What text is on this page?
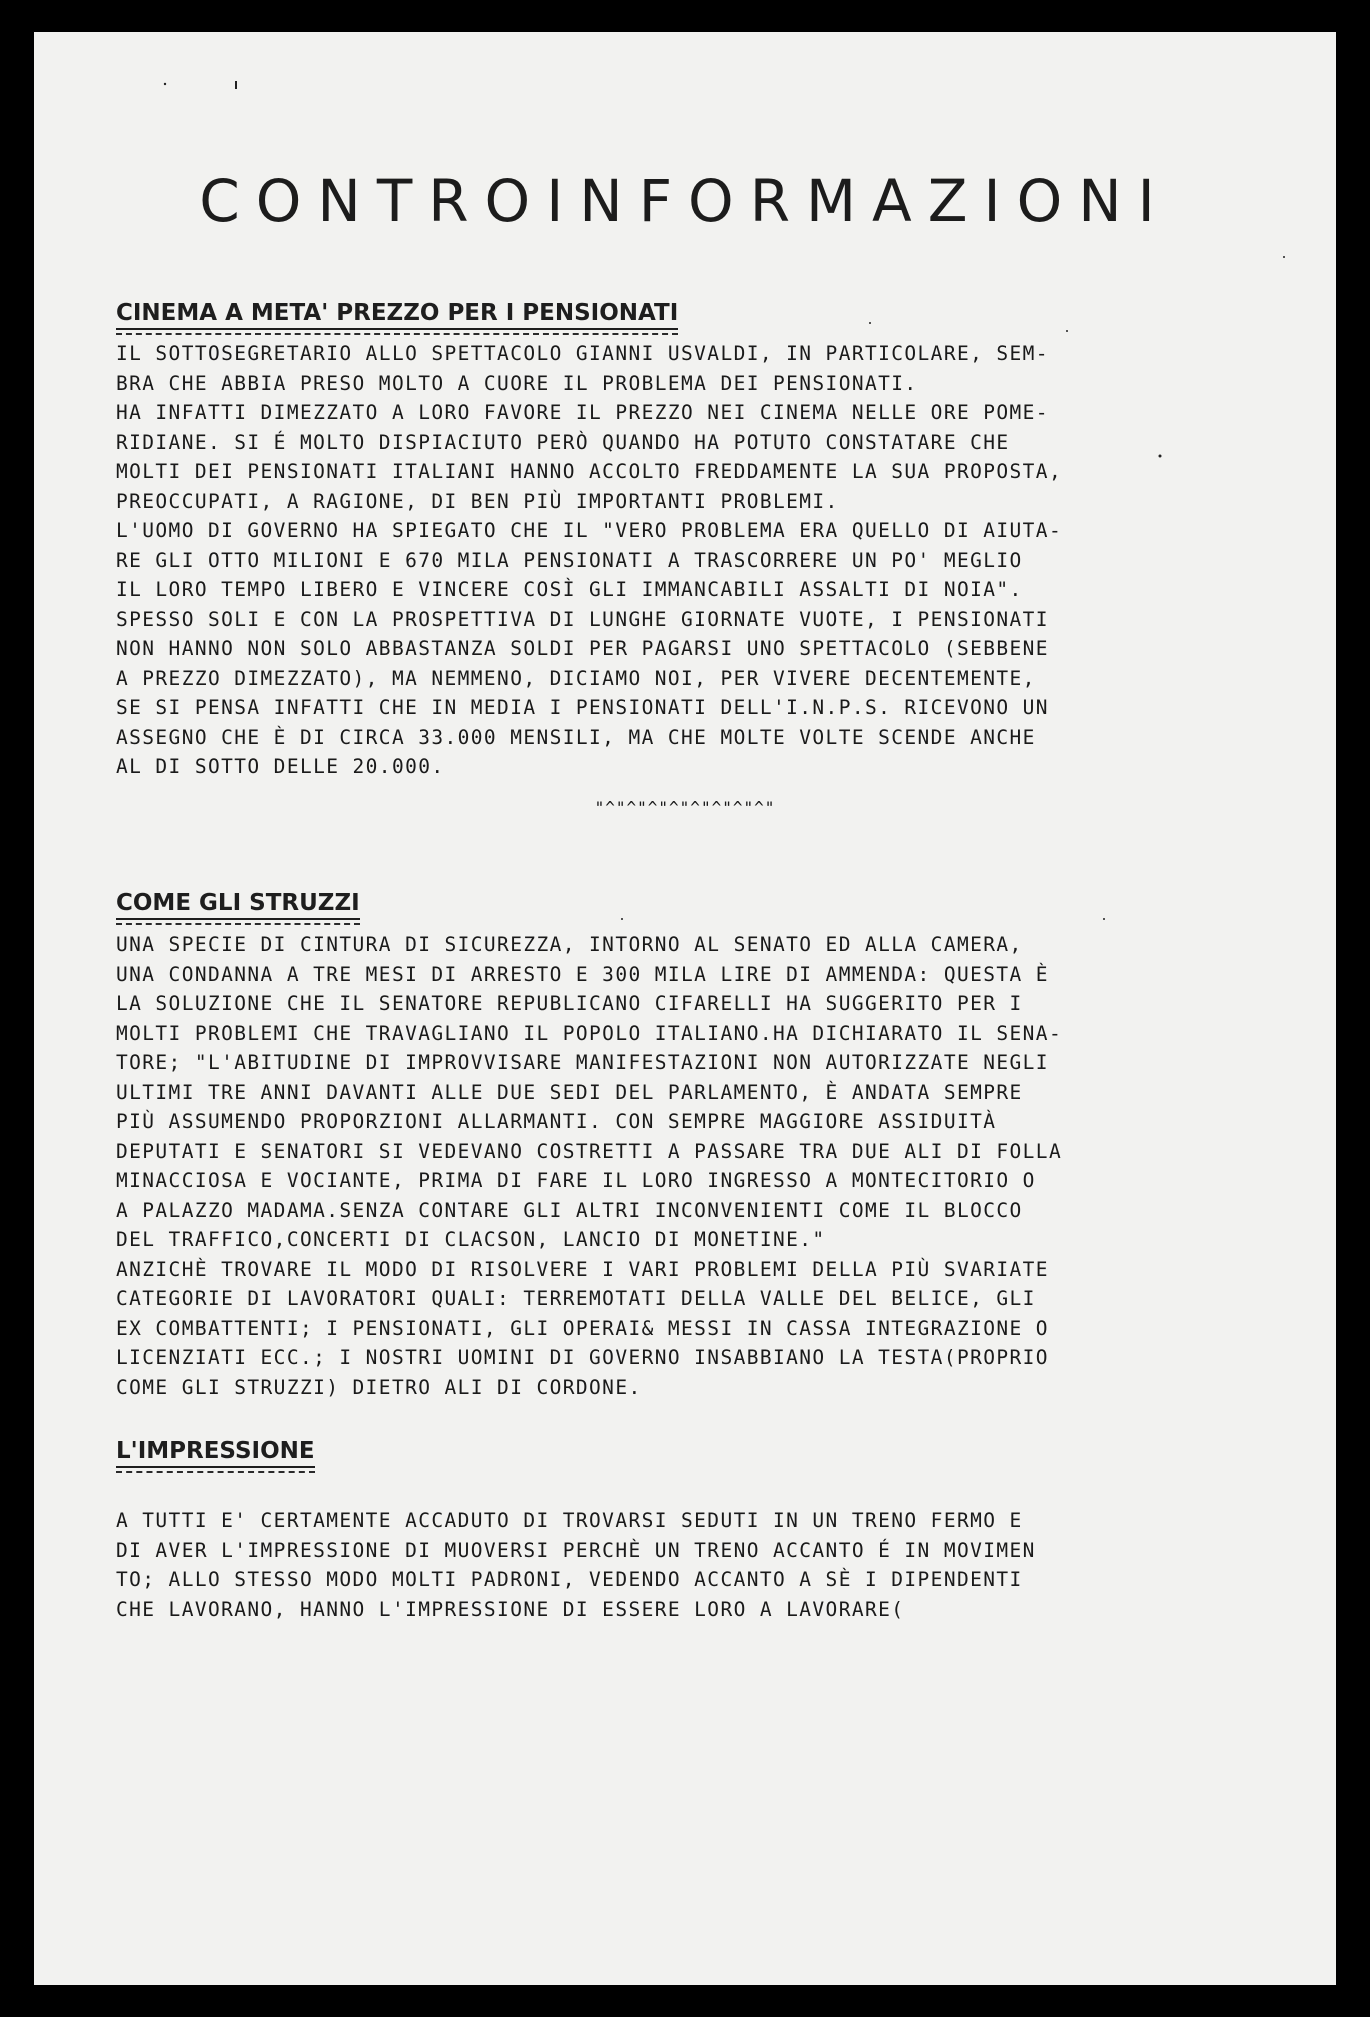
CONTROINFORMAZIONI
CINEMA A META' PREZZO PER I PENSIONATI

IL SOTTOSEGRETARIO ALLO SPETTACOLO GIANNI USVALDI, IN PARTICOLARE, SEM-
BRA CHE ABBIA PRESO MOLTO A CUORE IL PROBLEMA DEI PENSIONATI.
HA INFATTI DIMEZZATO A LORO FAVORE IL PREZZO NEI CINEMA NELLE ORE POME-
RIDIANE. SI É MOLTO DISPIACIUTO PERÒ QUANDO HA POTUTO CONSTATARE CHE
MOLTI DEI PENSIONATI ITALIANI HANNO ACCOLTO FREDDAMENTE LA SUA PROPOSTA,
PREOCCUPATI, A RAGIONE, DI BEN PIÙ IMPORTANTI PROBLEMI.
L'UOMO DI GOVERNO HA SPIEGATO CHE IL "VERO PROBLEMA ERA QUELLO DI AIUTA-
RE GLI OTTO MILIONI E 670 MILA PENSIONATI A TRASCORRERE UN PO' MEGLIO
IL LORO TEMPO LIBERO E VINCERE COSÌ GLI IMMANCABILI ASSALTI DI NOIA".
SPESSO SOLI E CON LA PROSPETTIVA DI LUNGHE GIORNATE VUOTE, I PENSIONATI
NON HANNO NON SOLO ABBASTANZA SOLDI PER PAGARSI UNO SPETTACOLO (SEBBENE
A PREZZO DIMEZZATO), MA NEMMENO, DICIAMO NOI, PER VIVERE DECENTEMENTE,
SE SI PENSA INFATTI CHE IN MEDIA I PENSIONATI DELL'I.N.P.S. RICEVONO UN
ASSEGNO CHE È DI CIRCA 33.000 MENSILI, MA CHE MOLTE VOLTE SCENDE ANCHE
AL DI SOTTO DELLE 20.000.

"^"^"^"^"^"^"^"^"

COME GLI STRUZZI

UNA SPECIE DI CINTURA DI SICUREZZA, INTORNO AL SENATO ED ALLA CAMERA,
UNA CONDANNA A TRE MESI DI ARRESTO E 300 MILA LIRE DI AMMENDA: QUESTA È
LA SOLUZIONE CHE IL SENATORE REPUBLICANO CIFARELLI HA SUGGERITO PER I
MOLTI PROBLEMI CHE TRAVAGLIANO IL POPOLO ITALIANO.HA DICHIARATO IL SENA-
TORE; "L'ABITUDINE DI IMPROVVISARE MANIFESTAZIONI NON AUTORIZZATE NEGLI
ULTIMI TRE ANNI DAVANTI ALLE DUE SEDI DEL PARLAMENTO, È ANDATA SEMPRE
PIÙ ASSUMENDO PROPORZIONI ALLARMANTI. CON SEMPRE MAGGIORE ASSIDUITÀ
DEPUTATI E SENATORI SI VEDEVANO COSTRETTI A PASSARE TRA DUE ALI DI FOLLA
MINACCIOSA E VOCIANTE, PRIMA DI FARE IL LORO INGRESSO A MONTECITORIO O
A PALAZZO MADAMA.SENZA CONTARE GLI ALTRI INCONVENIENTI COME IL BLOCCO
DEL TRAFFICO,CONCERTI DI CLACSON, LANCIO DI MONETINE."
ANZICHÈ TROVARE IL MODO DI RISOLVERE I VARI PROBLEMI DELLA PIÙ SVARIATE
CATEGORIE DI LAVORATORI QUALI: TERREMOTATI DELLA VALLE DEL BELICE, GLI
EX COMBATTENTI; I PENSIONATI, GLI OPERAI& MESSI IN CASSA INTEGRAZIONE O
LICENZIATI ECC.; I NOSTRI UOMINI DI GOVERNO INSABBIANO LA TESTA(PROPRIO
COME GLI STRUZZI) DIETRO ALI DI CORDONE.

L'IMPRESSIONE

A TUTTI E' CERTAMENTE ACCADUTO DI TROVARSI SEDUTI IN UN TRENO FERMO E
DI AVER L'IMPRESSIONE DI MUOVERSI PERCHÈ UN TRENO ACCANTO É IN MOVIMEN
TO; ALLO STESSO MODO MOLTI PADRONI, VEDENDO ACCANTO A SÈ I DIPENDENTI
CHE LAVORANO, HANNO L'IMPRESSIONE DI ESSERE LORO A LAVORARE(
